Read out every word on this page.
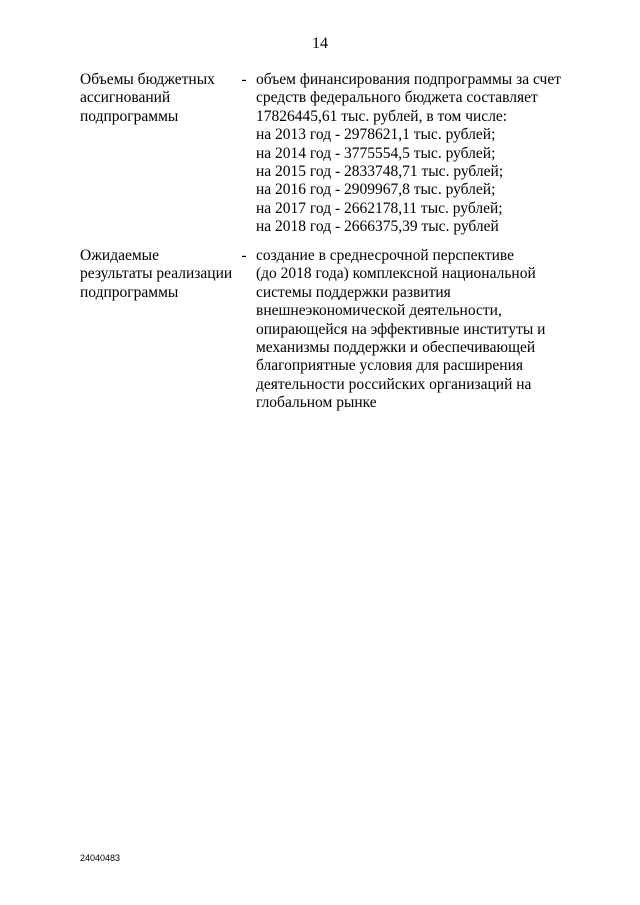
14
Объемы бюджетных
ассигнований
подпрограммы
- объем финансирования подпрограммы за счет
средств федерального бюджета составляет
17826445,61 тыс. рублей, в том числе:
на 2013 год - 2978621,1 тыс. рублей;
на 2014 год - 3775554,5 тыс. рублей;
на 2015 год - 2833748,71 тыс. рублей;
на 2016 год - 2909967,8 тыс. рублей;
на 2017 год - 2662178,11 тыс. рублей;
на 2018 год - 2666375,39 тыс. рублей
Ожидаемые
результаты реализации
подпрограммы
- создание в среднесрочной перспективе
(до 2018 года) комплексной национальной
системы поддержки развития
внешнеэкономической деятельности,
опирающейся на эффективные институты и
механизмы поддержки и обеспечивающей
благоприятные условия для расширения
деятельности российских организаций на
глобальном рынке
24040483
